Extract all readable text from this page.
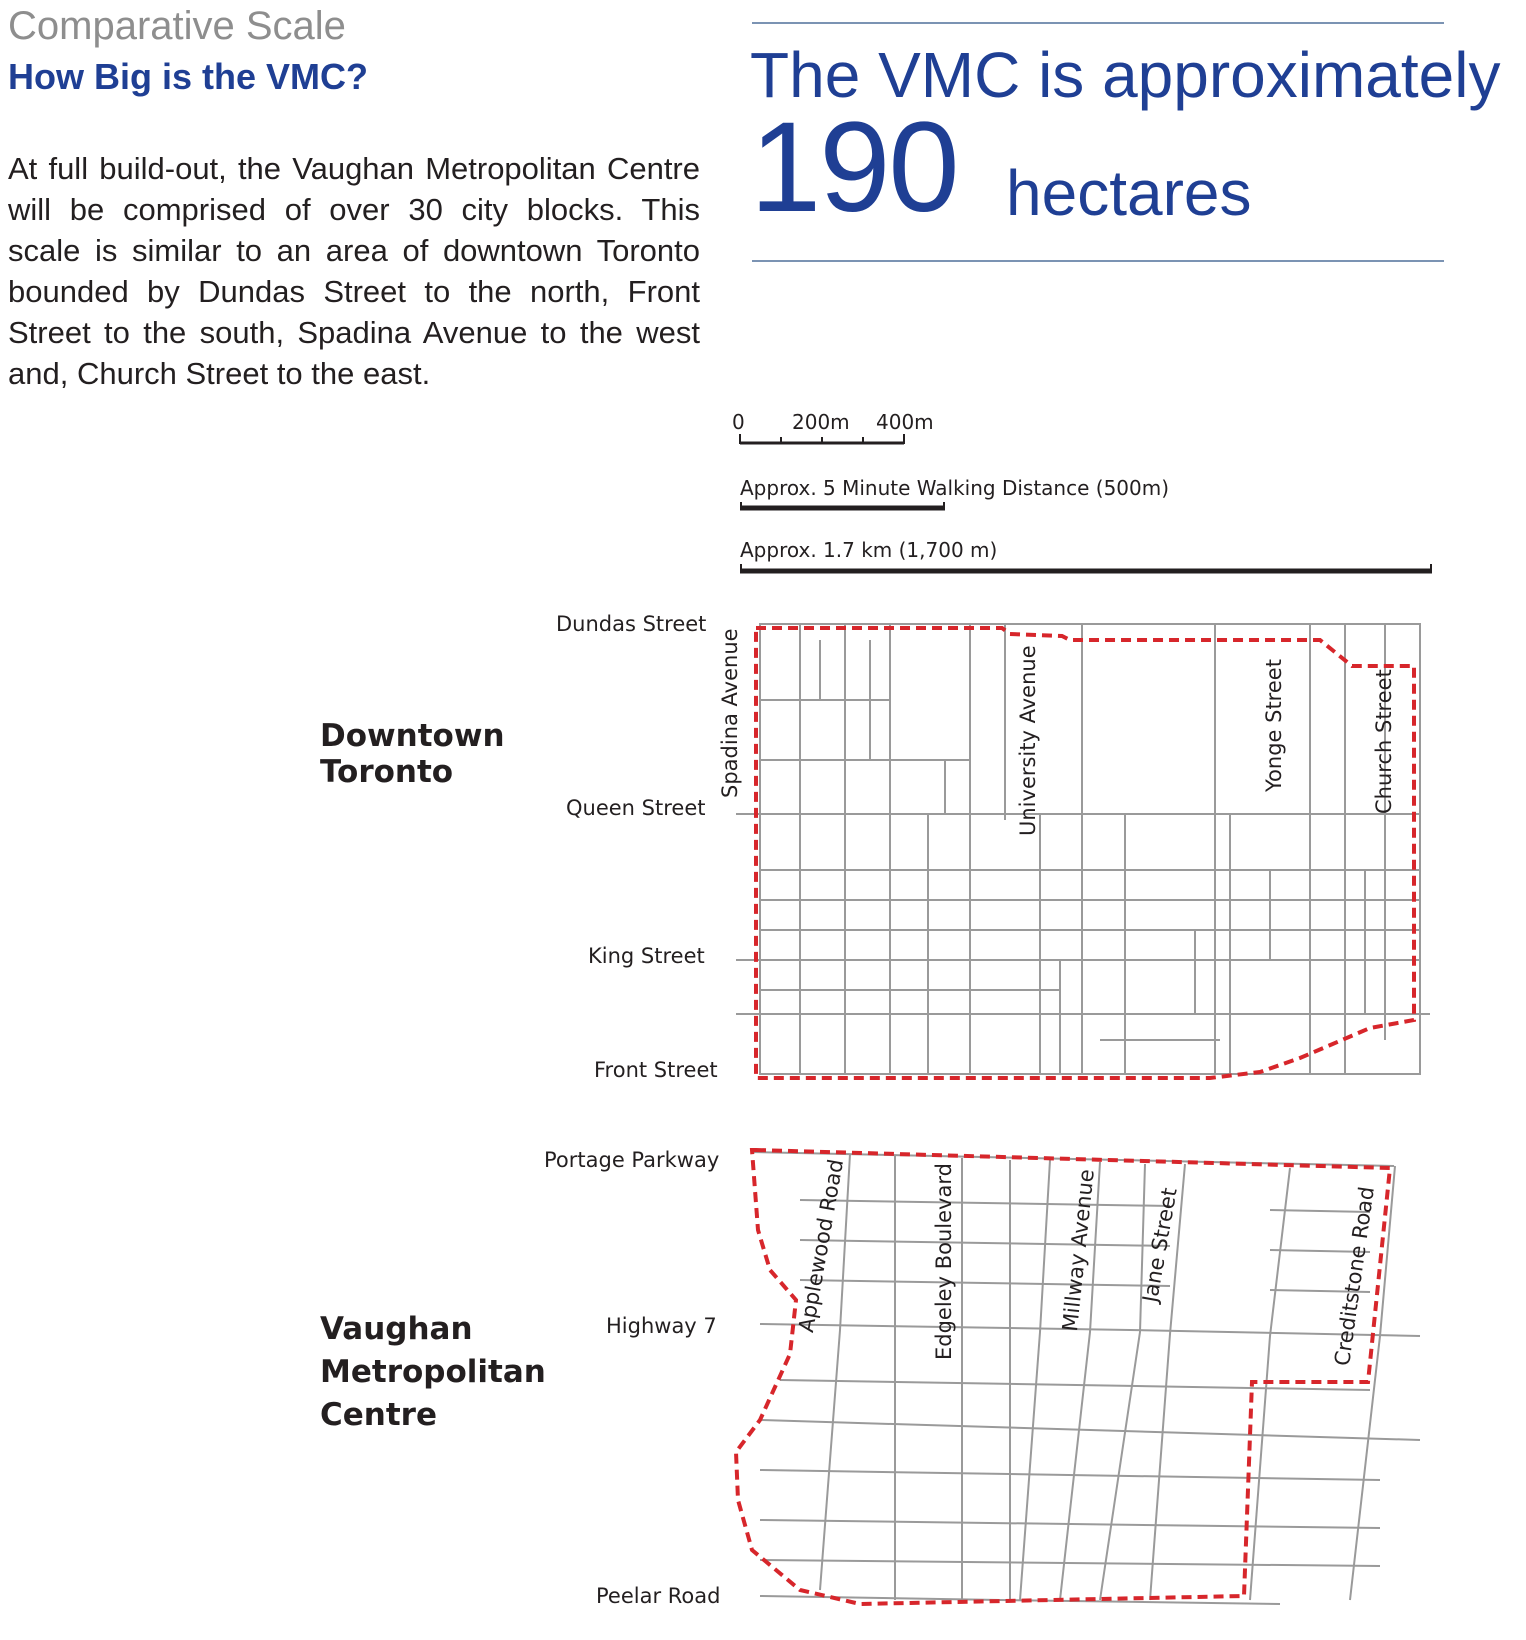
Comparative Scale
How Big is the VMC?
At full build-out, the Vaughan Metropolitan Centre will be comprised of over 30 city blocks. This scale is similar to an area of downtown Toronto bounded by Dundas Street to the north, Front Street to the south, Spadina Avenue to the west and, Church Street to the east.
The VMC is approximately
190 hectares
0 200m 400m
Approx. 5 Minute Walking Distance (500m)
Approx. 1.7 km (1,700 m)
Downtown
Toronto
Dundas Street
Queen Street
King Street
Front Street
Spadina Avenue	University Avenue	Yonge Street	Church Street
Vaughan
Metropolitan
Centre
Portage Parkway
Highway 7
Peelar Road
Applewood Road	Edgeley Boulevard	Millway Avenue Jane Street	Creditstone Road
